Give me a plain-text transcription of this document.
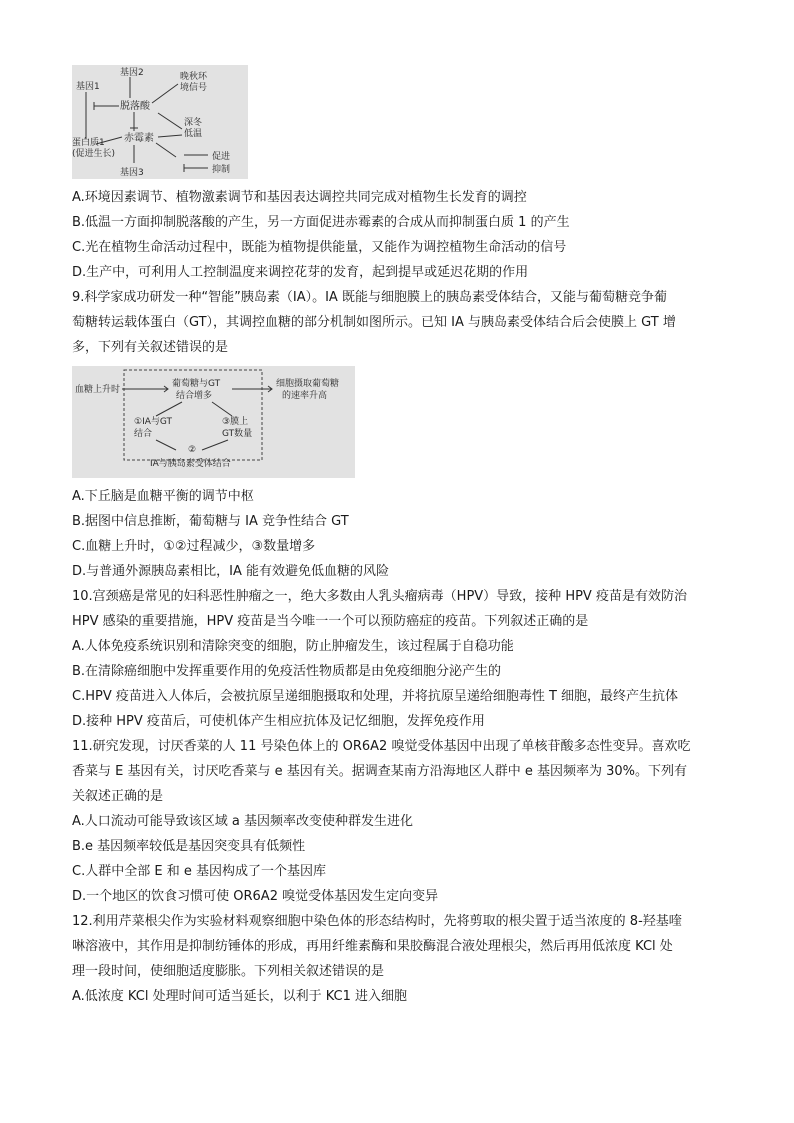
基因2
基因1
晚秋环
境信号
脱落酸
深冬
低温
赤霉素
蛋白质1
(促进生长)	促进
抑制
基因3
A.环境因素调节、植物激素调节和基因表达调控共同完成对植物生长发育的调控
B.低温一方面抑制脱落酸的产生，另一方面促进赤霉素的合成从而抑制蛋白质 1 的产生
C.光在植物生命活动过程中，既能为植物提供能量，又能作为调控植物生命活动的信号
D.生产中，可利用人工控制温度来调控花芽的发育，起到提早或延迟花期的作用
9.科学家成功研发一种“智能”胰岛素（IA）。IA 既能与细胞膜上的胰岛素受体结合，又能与葡萄糖竞争葡
萄糖转运载体蛋白（GT），其调控血糖的部分机制如图所示。已知 IA 与胰岛素受体结合后会使膜上 GT 增
多，下列有关叙述错误的是
血糖上升时
葡萄糖与GT
结合增多
细胞摄取葡萄糖
的速率升高
①IA与GT
结合
③膜上
GT数量
②
IA与胰岛素受体结合
A.下丘脑是血糖平衡的调节中枢
B.据图中信息推断，葡萄糖与 IA 竞争性结合 GT
C.血糖上升时，①②过程减少，③数量增多
D.与普通外源胰岛素相比，IA 能有效避免低血糖的风险
10.宫颈癌是常见的妇科恶性肿瘤之一，绝大多数由人乳头瘤病毒（HPV）导致，接种 HPV 疫苗是有效防治
HPV 感染的重要措施，HPV 疫苗是当今唯一一个可以预防癌症的疫苗。下列叙述正确的是
A.人体免疫系统识别和清除突变的细胞，防止肿瘤发生，该过程属于自稳功能
B.在清除癌细胞中发挥重要作用的免疫活性物质都是由免疫细胞分泌产生的
C.HPV 疫苗进入人体后，会被抗原呈递细胞摄取和处理，并将抗原呈递给细胞毒性 T 细胞，最终产生抗体
D.接种 HPV 疫苗后，可使机体产生相应抗体及记忆细胞，发挥免疫作用
11.研究发现，讨厌香菜的人 11 号染色体上的 OR6A2 嗅觉受体基因中出现了单核苷酸多态性变异。喜欢吃
香菜与 E 基因有关，讨厌吃香菜与 e 基因有关。据调查某南方沿海地区人群中 e 基因频率为 30%。下列有
关叙述正确的是
A.人口流动可能导致该区域 a 基因频率改变使种群发生进化
B.e 基因频率较低是基因突变具有低频性
C.人群中全部 E 和 e 基因构成了一个基因库
D.一个地区的饮食习惯可使 OR6A2 嗅觉受体基因发生定向变异
12.利用芹菜根尖作为实验材料观察细胞中染色体的形态结构时，先将剪取的根尖置于适当浓度的 8-羟基喹
啉溶液中，其作用是抑制纺锤体的形成，再用纤维素酶和果胶酶混合液处理根尖，然后再用低浓度 KCl 处
理一段时间，使细胞适度膨胀。下列相关叙述错误的是
A.低浓度 KCl 处理时间可适当延长，以利于 KC1 进入细胞
